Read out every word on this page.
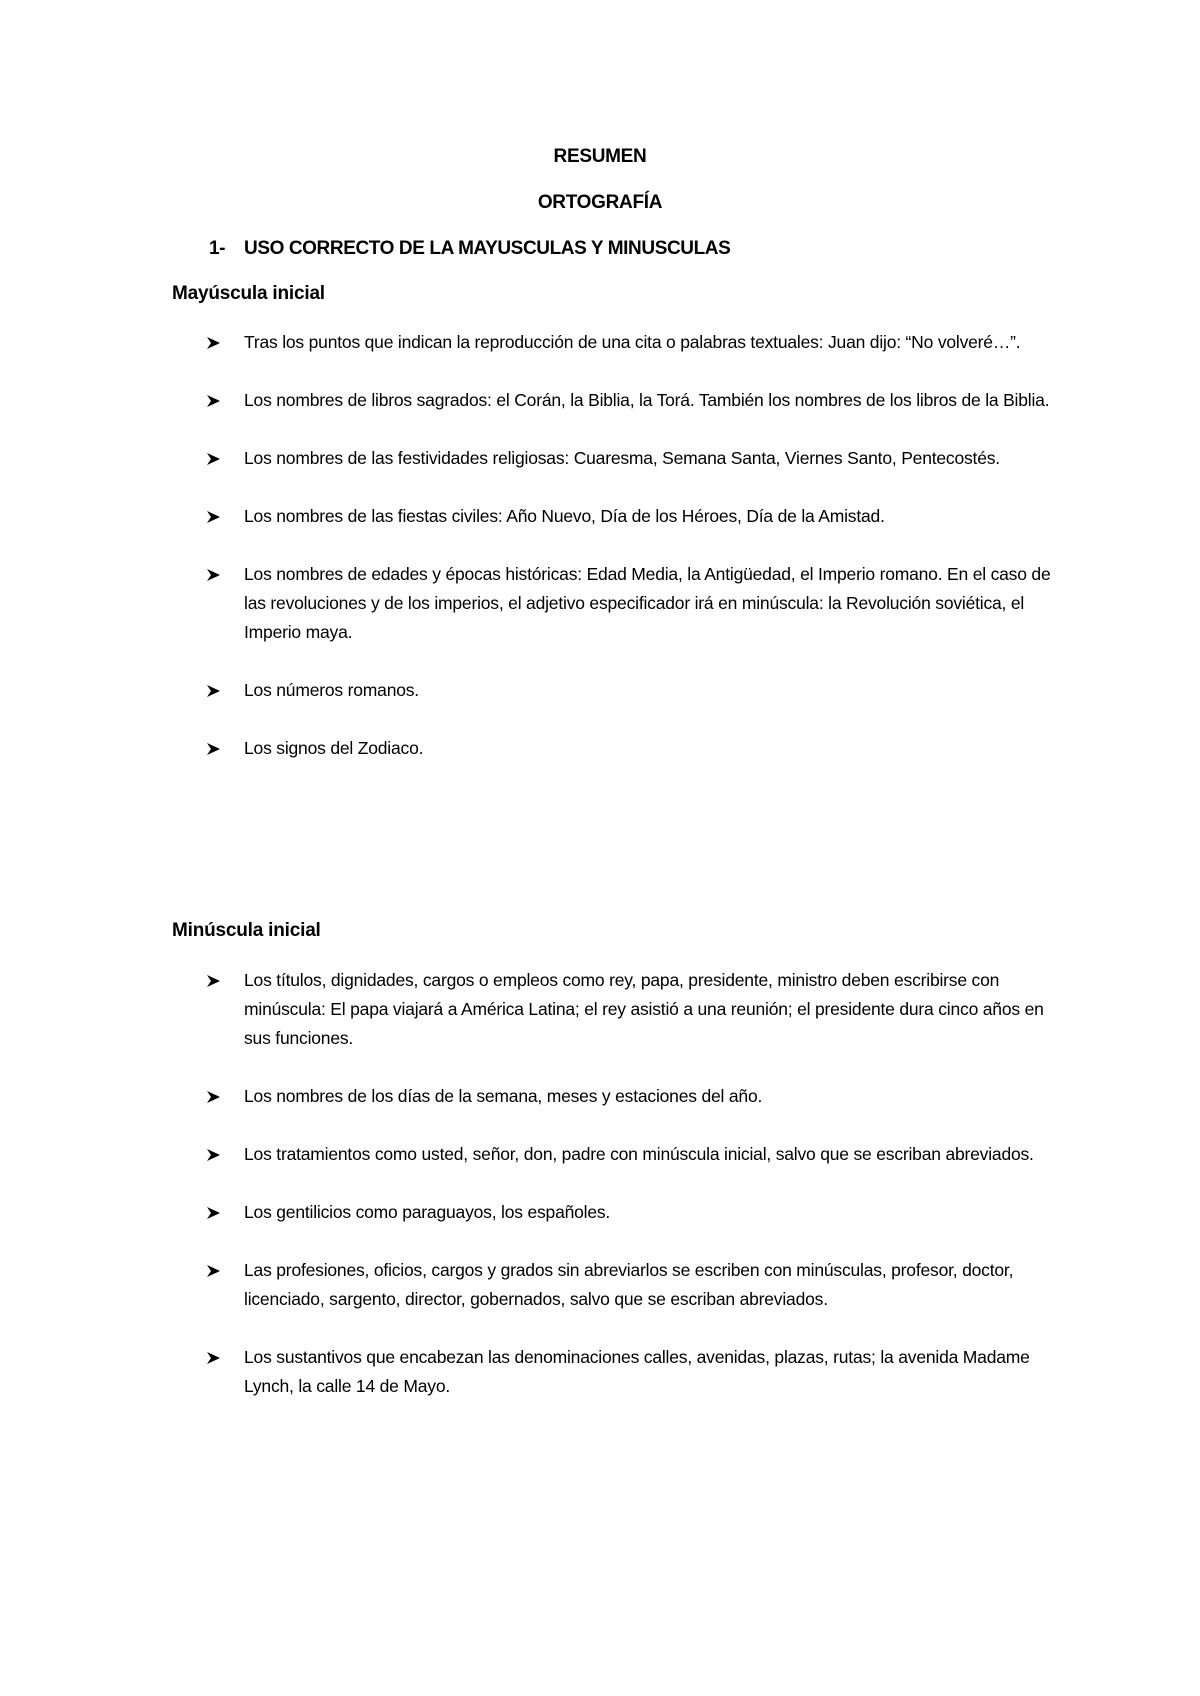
RESUMEN
ORTOGRAFÍA
1- USO CORRECTO DE LA MAYUSCULAS Y MINUSCULAS
Mayúscula inicial
Tras los puntos que indican la reproducción de una cita o palabras textuales: Juan dijo: “No volveré…”.
Los nombres de libros sagrados: el Corán, la Biblia, la Torá. También los nombres de los libros de la Biblia.
Los nombres de las festividades religiosas: Cuaresma, Semana Santa, Viernes Santo, Pentecostés.
Los nombres de las fiestas civiles: Año Nuevo, Día de los Héroes, Día de la Amistad.
Los nombres de edades y épocas históricas: Edad Media, la Antigüedad, el Imperio romano. En el caso de las revoluciones y de los imperios, el adjetivo especificador irá en minúscula: la Revolución soviética, el Imperio maya.
Los números romanos.
Los signos del Zodiaco.
Minúscula inicial
Los títulos, dignidades, cargos o empleos como rey, papa, presidente, ministro deben escribirse con minúscula: El papa viajará a América Latina; el rey asistió a una reunión; el presidente dura cinco años en sus funciones.
Los nombres de los días de la semana, meses y estaciones del año.
Los tratamientos como usted, señor, don, padre con minúscula inicial, salvo que se escriban abreviados.
Los gentilicios como paraguayos, los españoles.
Las profesiones, oficios, cargos y grados sin abreviarlos se escriben con minúsculas, profesor, doctor, licenciado, sargento, director, gobernados, salvo que se escriban abreviados.
Los sustantivos que encabezan las denominaciones calles, avenidas, plazas, rutas; la avenida Madame Lynch, la calle 14 de Mayo.
